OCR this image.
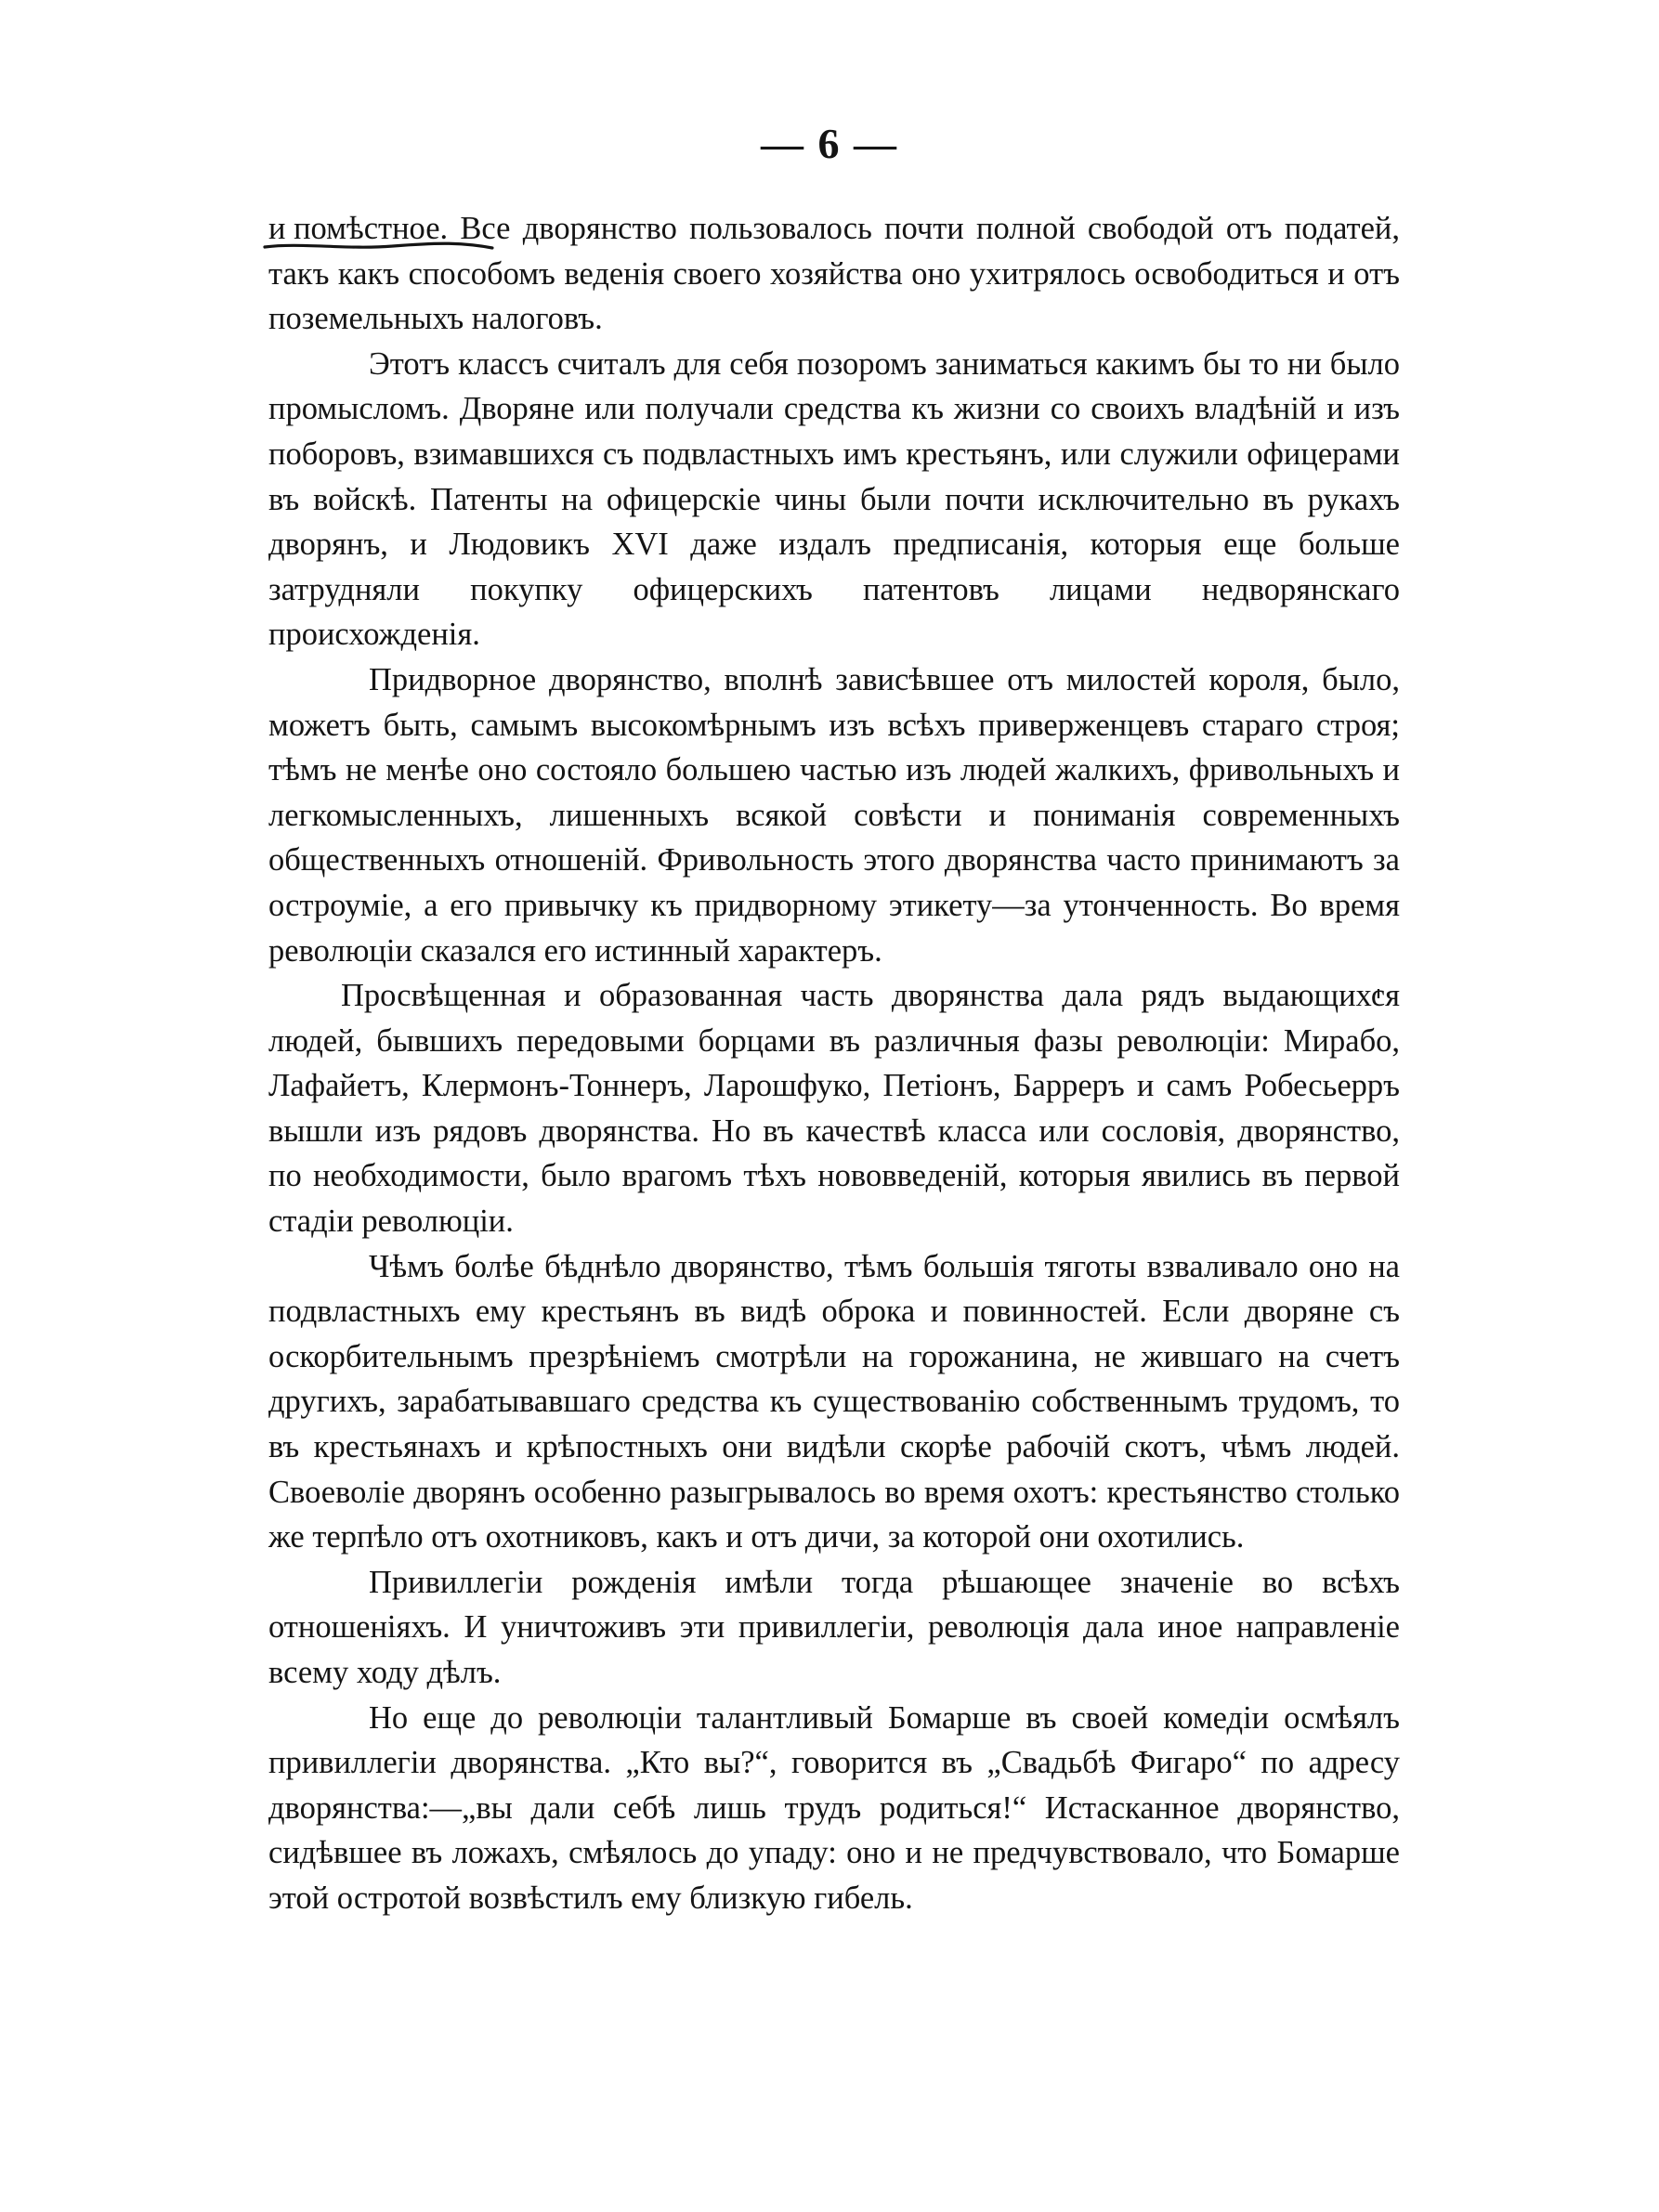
— 6 —

и помѣстное.
Все дворянство пользовалось почти полной свободой отъ податей, такъ какъ способомъ веденія своего хозяйства оно ухитрялось освободиться и отъ поземельныхъ налоговъ.

Этотъ классъ считалъ для себя позоромъ заниматься какимъ бы то ни было промысломъ. Дворяне или получали средства къ жизни со своихъ владѣній и изъ поборовъ, взимавшихся съ подвластныхъ имъ крестьянъ, или служили офицерами въ войскѣ. Патенты на офицерскіе чины были почти исключительно въ рукахъ дворянъ, и Людовикъ XVI даже издалъ предписанія, которыя еще больше затрудняли покупку офицерскихъ патентовъ лицами недворянскаго происхожденія.

Придворное дворянство, вполнѣ зависѣвшее отъ милостей короля, было, можетъ быть, самымъ высокомѣрнымъ изъ всѣхъ приверженцевъ стараго строя; тѣмъ не менѣе оно состояло большею частью изъ людей жалкихъ, фривольныхъ и легкомысленныхъ, лишенныхъ всякой совѣсти и пониманія современныхъ общественныхъ отношеній. Фривольность этого дворянства часто принимаютъ за остроумie, а его привычку къ придворному этикету—за утонченность. Во время революціи сказался его истинный характеръ.

Просвѣщенная и образованная часть дворянства дала рядъ выдающихся людей, бывшихъ передовыми борцами въ различныя фазы революціи: Мирабо, Лафайетъ, Клермонъ-Тоннеръ, Ларошфуко, Петіонъ, Барреръ и самъ Робесьерръ вышли изъ рядовъ дворянства. Но въ качествѣ класса или сословія, дворянство, по необходимости, было врагомъ тѣхъ нововведеній, которыя явились въ первой стадіи революціи.

Чѣмъ болѣе бѣднѣло дворянство, тѣмъ большія тяготы взваливало оно на подвластныхъ ему крестьянъ въ видѣ оброка и повинностей. Если дворяне съ оскорбительнымъ презрѣніемъ смотрѣли на горожанина, не жившаго на счетъ другихъ, зарабатывавшаго средства къ существованію собственнымъ трудомъ, то въ крестьянахъ и крѣпостныхъ они видѣли скорѣе рабочій скотъ, чѣмъ людей. Своеволіе дворянъ особенно разыгрывалось во время охотъ: крестьянство столько же терпѣло отъ охотниковъ, какъ и отъ дичи, за которой они охотились.

Привиллегіи рожденія имѣли тогда рѣшающее значеніе во всѣхъ отношеніяхъ. И уничтоживъ эти привиллегіи, революція дала иное направленіе всему ходу дѣлъ.

Но еще до революціи талантливый Бомарше въ своей комедіи осмѣялъ привиллегіи дворянства. „Кто вы?“, говорится въ „Свадьбѣ Фигаро“ по адресу дворянства:—„вы дали себѣ лишь трудъ родиться!“ Истасканное дворянство, сидѣвшее въ ложахъ, смѣялось до упаду: оно и не предчувствовало, что Бомарше этой остротой возвѣстилъ ему близкую гибель.
